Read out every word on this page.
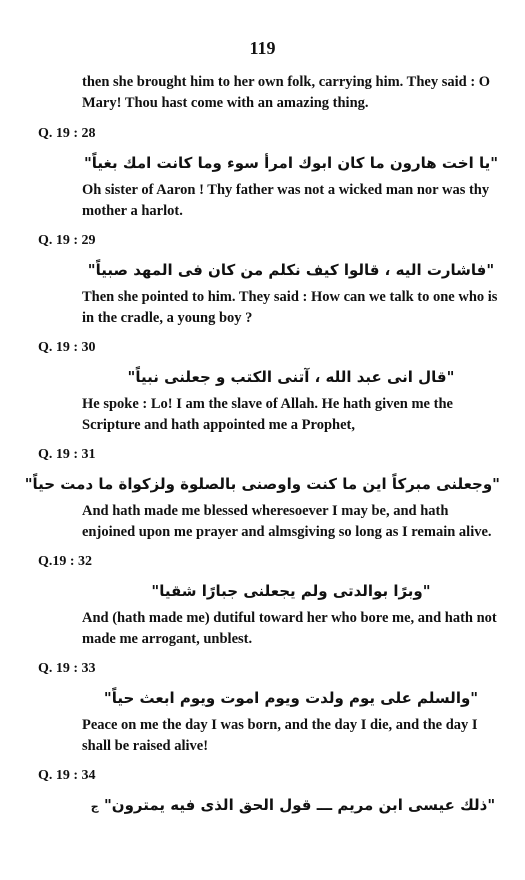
119

then she brought him to her own folk, carrying him. They said : O Mary! Thou hast come with an amazing thing.

Q. 19 : 28
"يا اخت هارون ما كان ابوك امرأ سوء وما كانت امك بغياً"

Oh sister of Aaron ! Thy father was not a wicked man nor was thy mother a harlot.

Q. 19 : 29
"فاشارت اليه ، قالوا كيف نكلم من كان فى المهد صبياً"

Then she pointed to him. They said : How can we talk to one who is in the cradle, a young boy ?

Q. 19 : 30
"قال انى عبد الله ، آتنى الكتب و جعلنى نبياً"

He spoke : Lo! I am the slave of Allah. He hath given me the Scripture and hath appointed me a Prophet,

Q. 19 : 31
"وجعلنى مبركاً اين ما كنت واوصنى بالصلوة ولزكواة ما دمت حياً"

And hath made me blessed wheresoever I may be, and hath enjoined upon me prayer and almsgiving so long as I remain alive.

Q.19 : 32
"وبرًا بوالدتى ولم يجعلنى جبارًا شقيا"

And (hath made me) dutiful toward her who bore me, and hath not made me arrogant, unblest.

Q. 19 : 33
"والسلم على يوم ولدت ويوم اموت ويوم ابعث حياً"

Peace on me the day I was born, and the day I die, and the day I shall be raised alive!

Q. 19 : 34
"ذلك عيسى ابن مريم ـــ قول الحق الذى فيه يمترون" ج
